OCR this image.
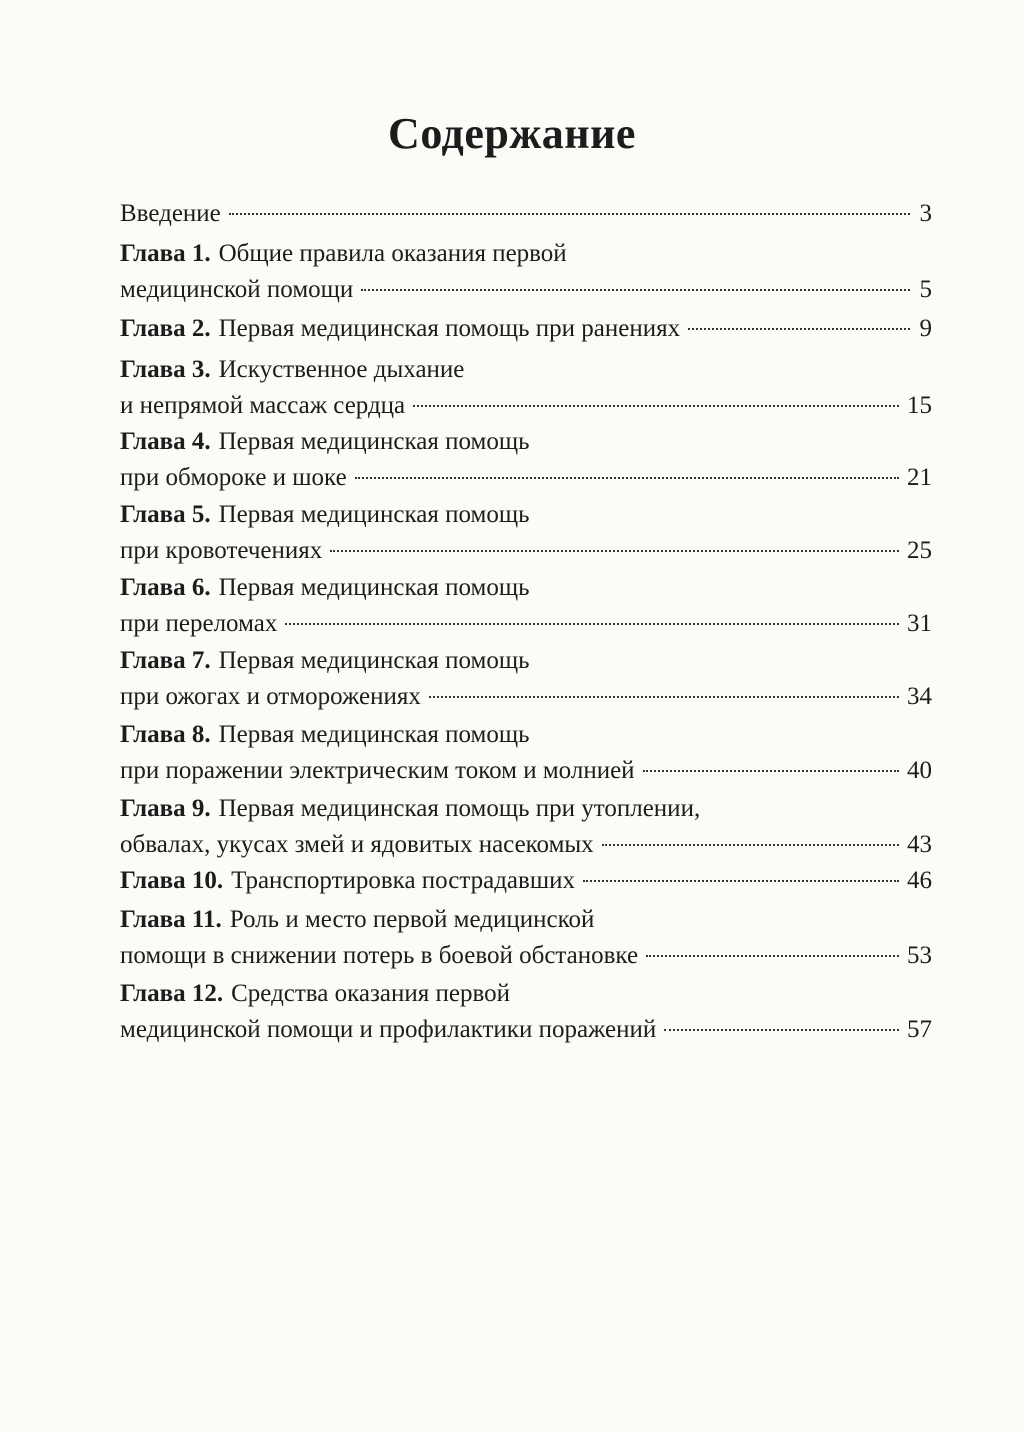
Содержание
Введение	3
Глава 1. Общие правила оказания первой
медицинской помощи	5
Глава 2. Первая медицинская помощь при ранениях	9
Глава 3. Искуственное дыхание
и непрямой массаж сердца	15
Глава 4. Первая медицинская помощь
при обмороке и шоке	21
Глава 5. Первая медицинская помощь
при кровотечениях	25
Глава 6. Первая медицинская помощь
при переломах	31
Глава 7. Первая медицинская помощь
при ожогах и отморожениях	34
Глава 8. Первая медицинская помощь
при поражении электрическим током и молнией	40
Глава 9. Первая медицинская помощь при утоплении,
обвалах, укусах змей и ядовитых насекомых	43
Глава 10. Транспортировка пострадавших	46
Глава 11. Роль и место первой медицинской
помощи в снижении потерь в боевой обстановке	53
Глава 12. Средства оказания первой
медицинской помощи и профилактики поражений	57
